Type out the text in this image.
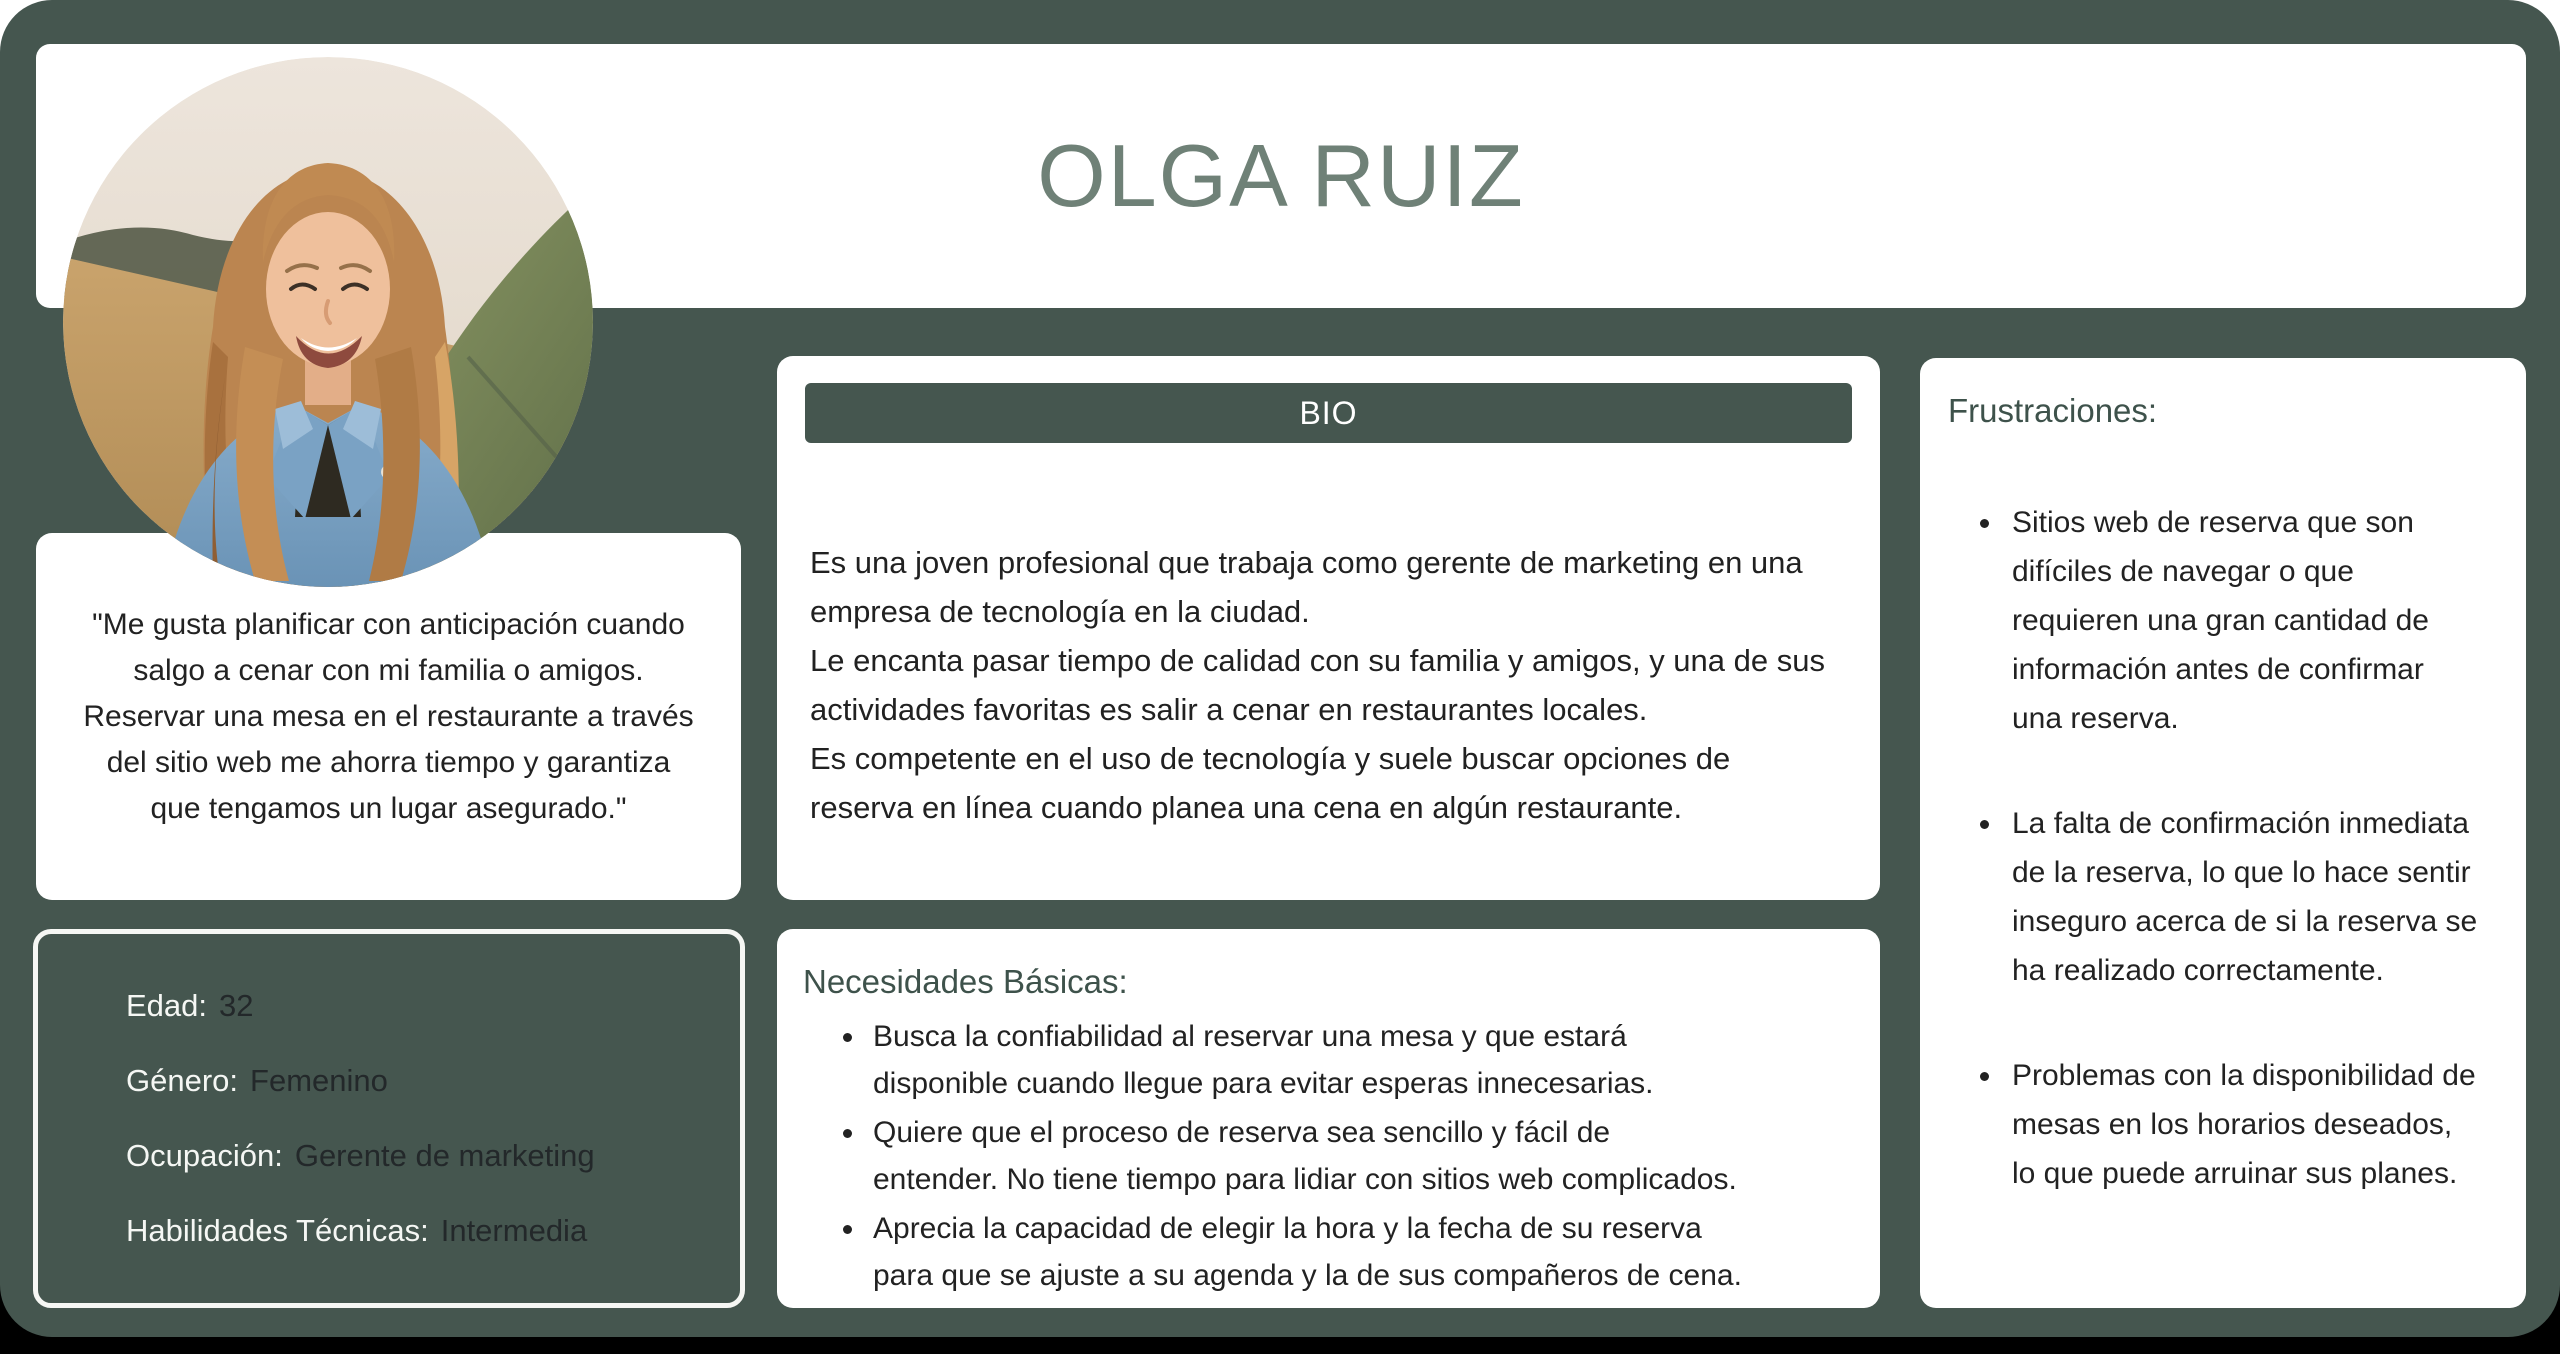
OLGA RUIZ

"Me gusta planificar con anticipación cuando salgo a cenar con mi familia o amigos. Reservar una mesa en el restaurante a través del sitio web me ahorra tiempo y garantiza que tengamos un lugar asegurado."

Edad: 32
Género: Femenino
Ocupación: Gerente de marketing
Habilidades Técnicas: Intermedia
BIO

Es una joven profesional que trabaja como gerente de marketing en una empresa de tecnología en la ciudad.

Le encanta pasar tiempo de calidad con su familia y amigos, y una de sus actividades favoritas es salir a cenar en restaurantes locales.

Es competente en el uso de tecnología y suele buscar opciones de reserva en línea cuando planea una cena en algún restaurante.

Necesidades Básicas:
• Busca la confiabilidad al reservar una mesa y que estará disponible cuando llegue para evitar esperas innecesarias.
• Quiere que el proceso de reserva sea sencillo y fácil de entender. No tiene tiempo para lidiar con sitios web complicados.
• Aprecia la capacidad de elegir la hora y la fecha de su reserva para que se ajuste a su agenda y la de sus compañeros de cena.
Frustraciones:
• Sitios web de reserva que son difíciles de navegar o que requieren una gran cantidad de información antes de confirmar una reserva.
• La falta de confirmación inmediata de la reserva, lo que lo hace sentir inseguro acerca de si la reserva se ha realizado correctamente.
• Problemas con la disponibilidad de mesas en los horarios deseados, lo que puede arruinar sus planes.
